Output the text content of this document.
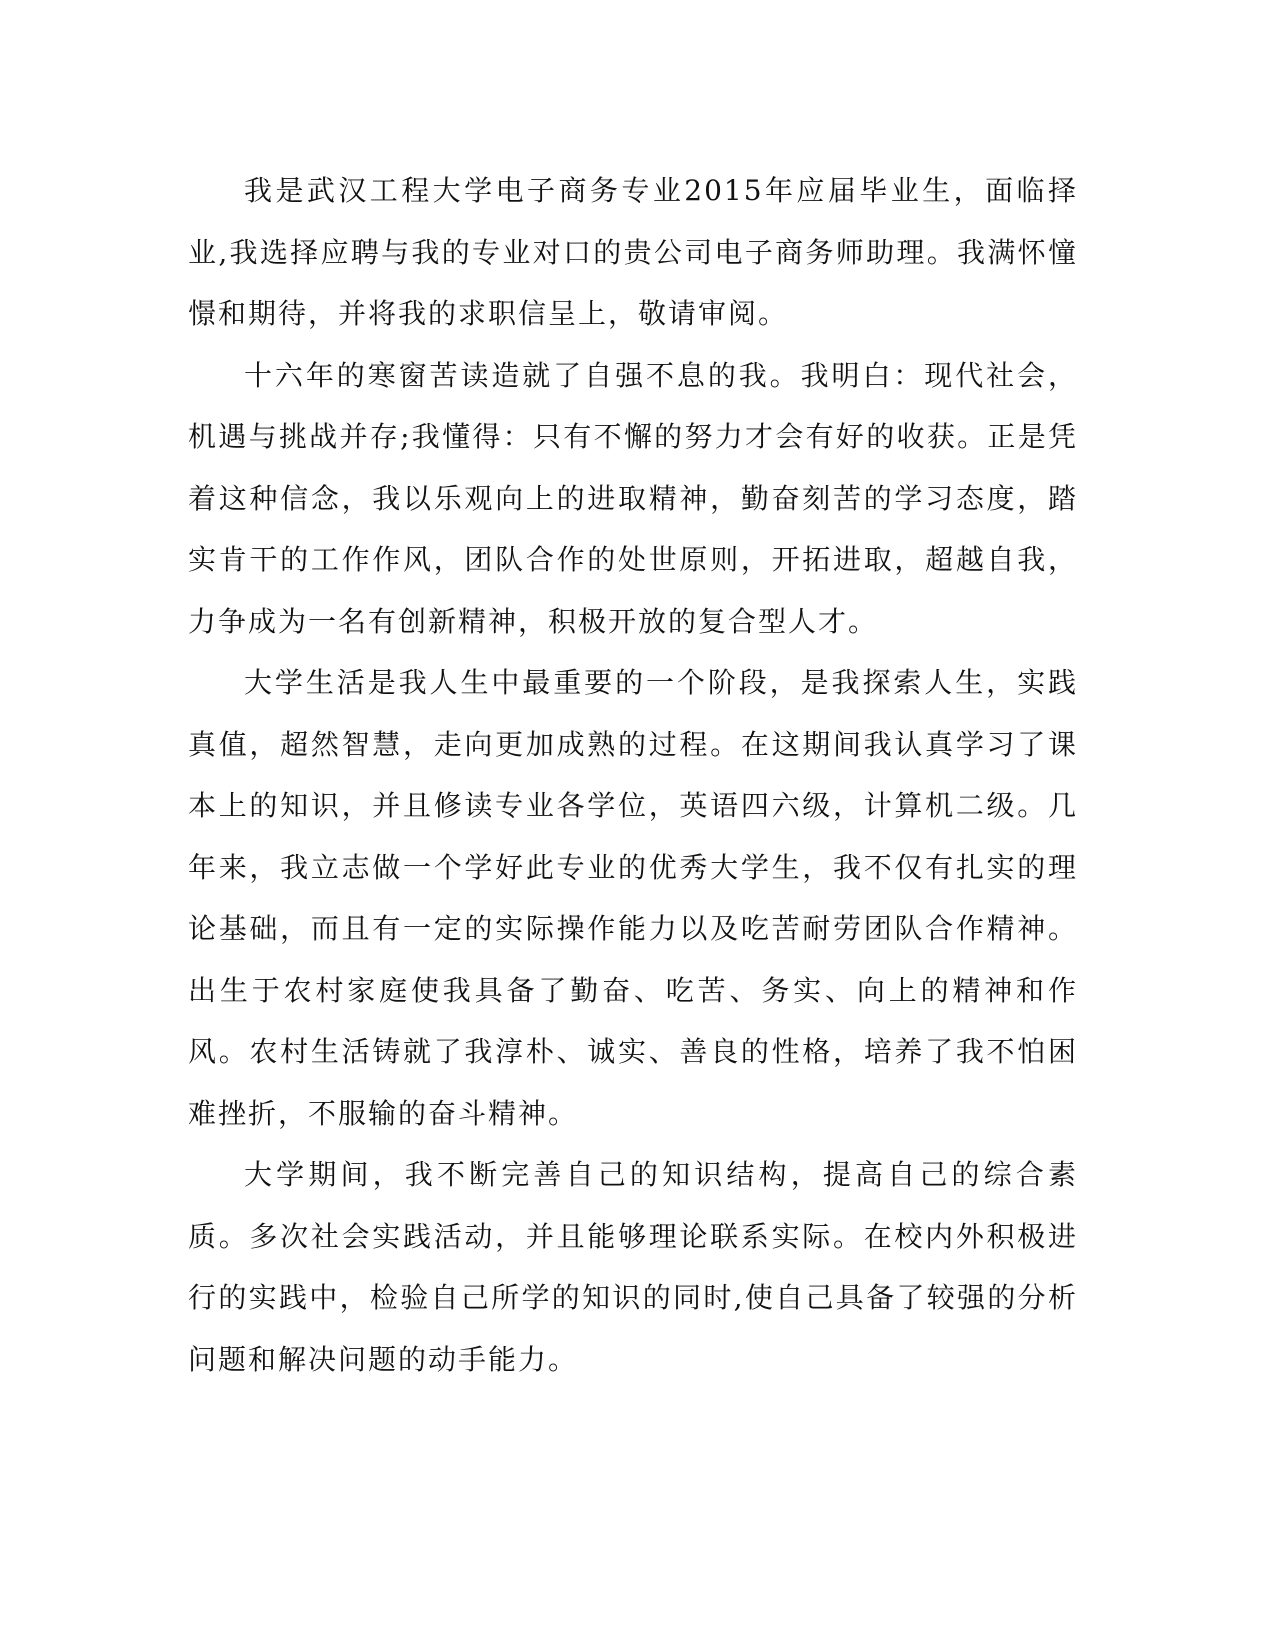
我是武汉工程大学电子商务专业2015年应届毕业生，面临择业,我选择应聘与我的专业对口的贵公司电子商务师助理。我满怀憧憬和期待，并将我的求职信呈上，敬请审阅。

十六年的寒窗苦读造就了自强不息的我。我明白：现代社会，机遇与挑战并存;我懂得：只有不懈的努力才会有好的收获。正是凭着这种信念，我以乐观向上的进取精神，勤奋刻苦的学习态度，踏实肯干的工作作风，团队合作的处世原则，开拓进取，超越自我，力争成为一名有创新精神，积极开放的复合型人才。

大学生活是我人生中最重要的一个阶段，是我探索人生，实践真值，超然智慧，走向更加成熟的过程。在这期间我认真学习了课本上的知识，并且修读专业各学位，英语四六级，计算机二级。几年来，我立志做一个学好此专业的优秀大学生，我不仅有扎实的理论基础，而且有一定的实际操作能力以及吃苦耐劳团队合作精神。出生于农村家庭使我具备了勤奋、吃苦、务实、向上的精神和作风。农村生活铸就了我淳朴、诚实、善良的性格，培养了我不怕困难挫折，不服输的奋斗精神。

大学期间，我不断完善自己的知识结构，提高自己的综合素质。多次社会实践活动，并且能够理论联系实际。在校内外积极进行的实践中，检验自己所学的知识的同时,使自己具备了较强的分析问题和解决问题的动手能力。
